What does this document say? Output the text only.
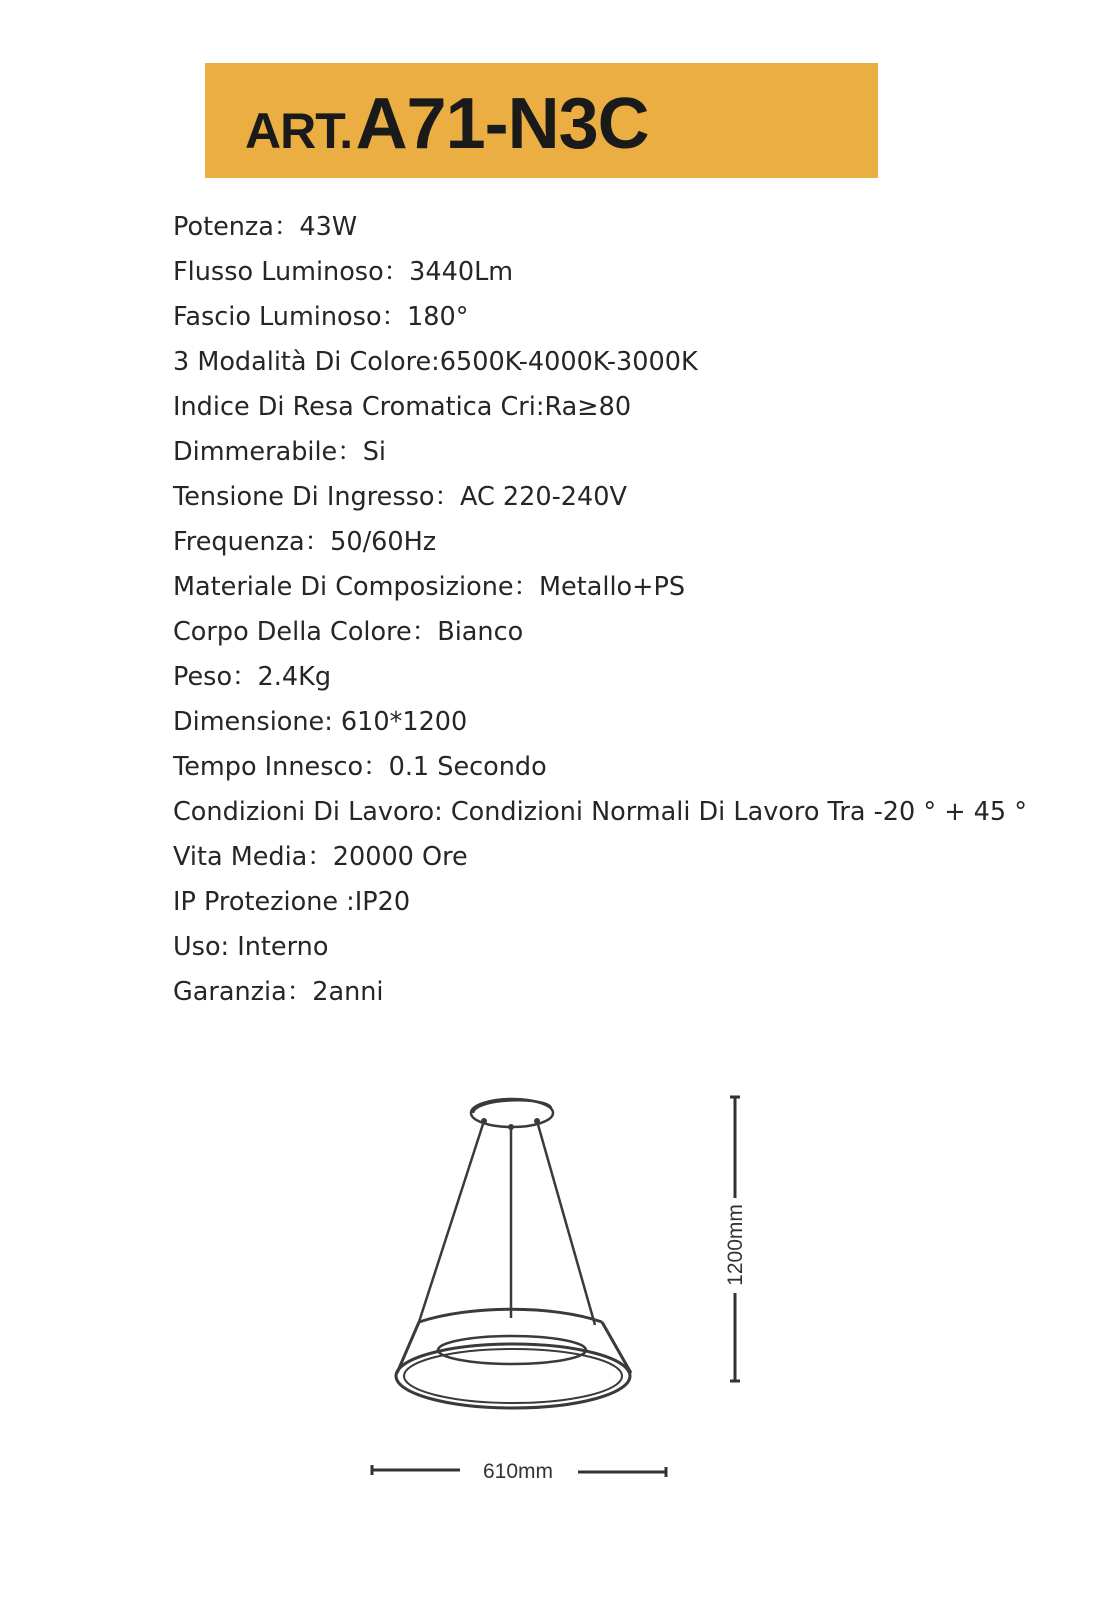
ART. A71-N3C
Potenza：43W
Flusso Luminoso：3440Lm
Fascio Luminoso：180°
3 Modalità Di Colore:6500K-4000K-3000K
Indice Di Resa Cromatica Cri:Ra≥80
Dimmerabile：Si
Tensione Di Ingresso：AC 220-240V
Frequenza：50/60Hz
Materiale Di Composizione：Metallo+PS
Corpo Della Colore：Bianco
Peso：2.4Kg
Dimensione: 610*1200
Tempo Innesco：0.1 Secondo
Condizioni Di Lavoro: Condizioni Normali Di Lavoro Tra -20 ° + 45 °
Vita Media：20000 Ore
IP Protezione :IP20
Uso: Interno
Garanzia：2anni
1200mm
610mm
